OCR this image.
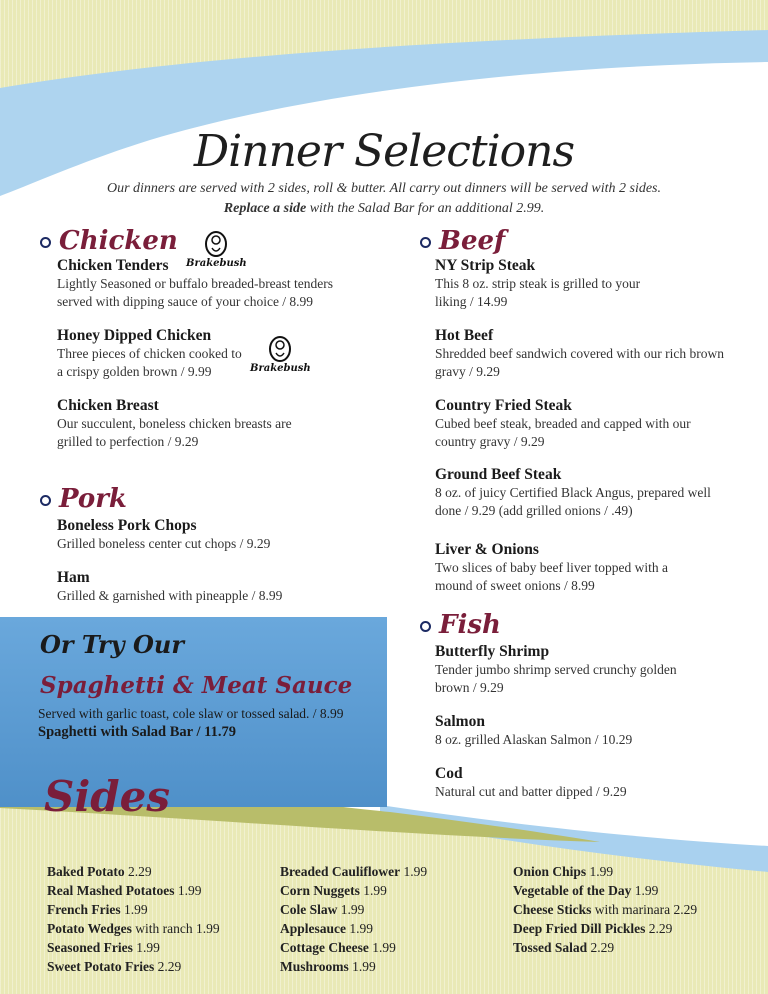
Dinner Selections
Our dinners are served with 2 sides, roll & butter. All carry out dinners will be served with 2 sides.
Replace a side with the Salad Bar for an additional 2.99.
Chicken
Brakebush
Chicken Tenders
Lightly Seasoned or buffalo breaded-breast tenders served with dipping sauce of your choice / 8.99
Honey Dipped Chicken
Three pieces of chicken cooked to a crispy golden brown / 9.99	Brakebush
Chicken Breast
Our succulent, boneless chicken breasts are grilled to perfection / 9.29
Pork
Boneless Pork Chops
Grilled boneless center cut chops / 9.29
Ham
Grilled & garnished with pineapple / 8.99
Beef
NY Strip Steak
This 8 oz. strip steak is grilled to your liking / 14.99
Hot Beef
Shredded beef sandwich covered with our rich brown gravy / 9.29
Country Fried Steak
Cubed beef steak, breaded and capped with our country gravy / 9.29
Ground Beef Steak
8 oz. of juicy Certified Black Angus, prepared well done / 9.29 (add grilled onions / .49)
Liver & Onions
Two slices of baby beef liver topped with a mound of sweet onions / 8.99
Fish
Butterfly Shrimp
Tender jumbo shrimp served crunchy golden brown / 9.29
Salmon
8 oz. grilled Alaskan Salmon / 10.29
Cod
Natural cut and batter dipped / 9.29
Or Try Our
Spaghetti & Meat Sauce
Served with garlic toast, cole slaw or tossed salad. / 8.99
Spaghetti with Salad Bar / 11.79
Sides
Baked Potato 2.29
Real Mashed Potatoes 1.99
French Fries 1.99
Potato Wedges with ranch 1.99
Seasoned Fries 1.99
Sweet Potato Fries 2.29
Breaded Cauliflower 1.99
Corn Nuggets 1.99
Cole Slaw 1.99
Applesauce 1.99
Cottage Cheese 1.99
Mushrooms 1.99
Onion Chips 1.99
Vegetable of the Day 1.99
Cheese Sticks with marinara 2.29
Deep Fried Dill Pickles 2.29
Tossed Salad 2.29
